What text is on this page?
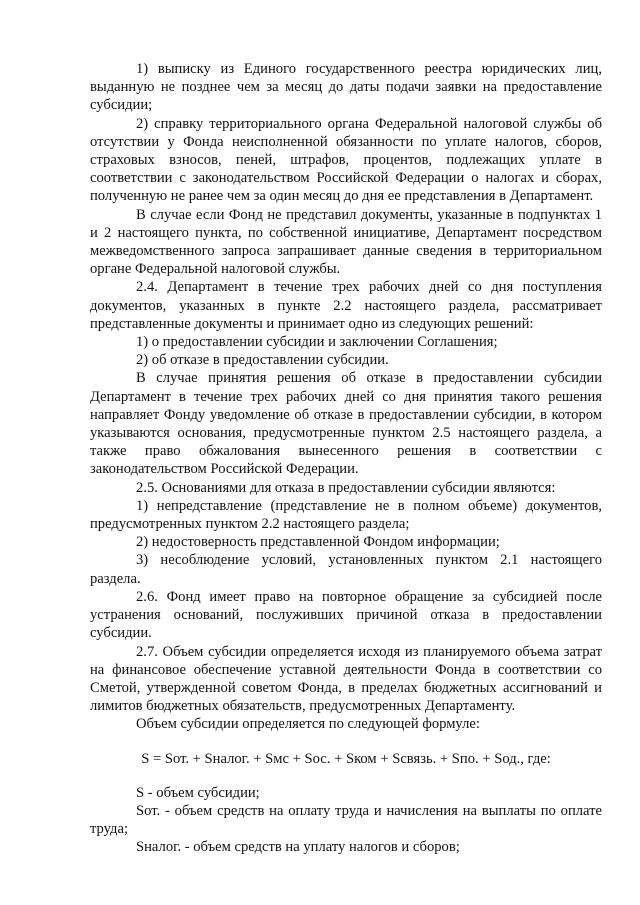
1) выписку из Единого государственного реестра юридических лиц, выданную не позднее чем за месяц до даты подачи заявки на предоставление субсидии;

2) справку территориального органа Федеральной налоговой службы об отсутствии у Фонда неисполненной обязанности по уплате налогов, сборов, страховых взносов, пеней, штрафов, процентов, подлежащих уплате в соответствии с законодательством Российской Федерации о налогах и сборах, полученную не ранее чем за один месяц до дня ее представления в Департамент.

В случае если Фонд не представил документы, указанные в подпунктах 1 и 2 настоящего пункта, по собственной инициативе, Департамент посредством межведомственного запроса запрашивает данные сведения в территориальном органе Федеральной налоговой службы.

2.4. Департамент в течение трех рабочих дней со дня поступления документов, указанных в пункте 2.2 настоящего раздела, рассматривает представленные документы и принимает одно из следующих решений:

1) о предоставлении субсидии и заключении Соглашения;

2) об отказе в предоставлении субсидии.

В случае принятия решения об отказе в предоставлении субсидии Департамент в течение трех рабочих дней со дня принятия такого решения направляет Фонду уведомление об отказе в предоставлении субсидии, в котором указываются основания, предусмотренные пунктом 2.5 настоящего раздела, а также право обжалования вынесенного решения в соответствии с законодательством Российской Федерации.

2.5. Основаниями для отказа в предоставлении субсидии являются:

1) непредставление (представление не в полном объеме) документов, предусмотренных пунктом 2.2 настоящего раздела;

2) недостоверность представленной Фондом информации;

3) несоблюдение условий, установленных пунктом 2.1 настоящего раздела.

2.6. Фонд имеет право на повторное обращение за субсидией после устранения оснований, послуживших причиной отказа в предоставлении субсидии.

2.7. Объем субсидии определяется исходя из планируемого объема затрат на финансовое обеспечение уставной деятельности Фонда в соответствии со Сметой, утвержденной советом Фонда, в пределах бюджетных ассигнований и лимитов бюджетных обязательств, предусмотренных Департаменту.

Объем субсидии определяется по следующей формуле:

S = Sот. + Sналог. + Sмс + Sос. + Sком + Sсвязь. + Sпо. + Sод., где:

S - объем субсидии;

Sот. - объем средств на оплату труда и начисления на выплаты по оплате труда;

Sналог. - объем средств на уплату налогов и сборов;
